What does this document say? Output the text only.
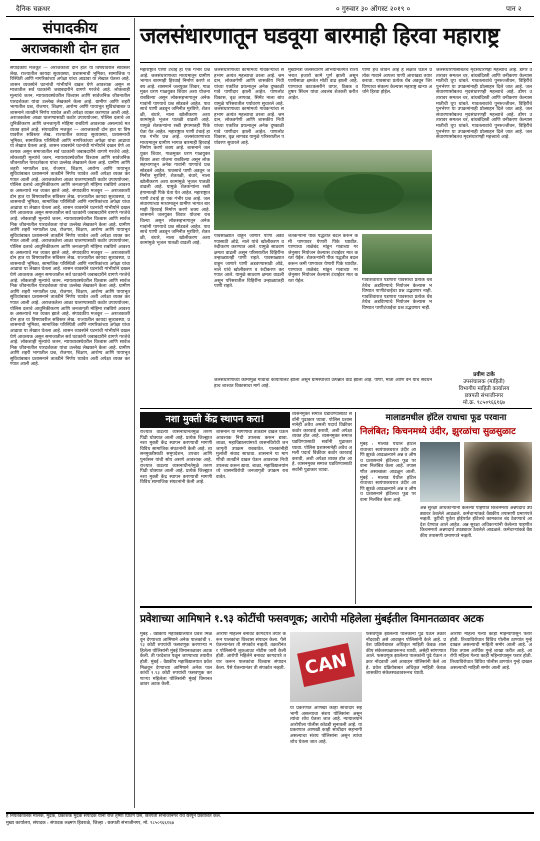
दैनिक चक्रधर	० गुरुवार ३० ऑगस्ट २०१९ ०	पान २
संपादकीय
अराजकाशी दोन हात
संपादकीय मजकूर — अराजकाशी दोन हात या विषयावरील सविस्तर लेख. राज्यातील कायदा सुव्यवस्था, प्रशासनाची भूमिका, सामाजिक परिस्थिती आणि नागरिकांच्या अपेक्षा यांचा आढावा या लेखात घेतला आहे. शासन व्यवस्थेने घटनांची गांभीर्याने दखल घेणे आवश्यक असून समाजातील सर्व घटकांनी जबाबदारीने वागणे गरजेचे आहे. लोकशाही मूल्यांचे जतन, न्यायव्यवस्थेवरील विश्वास आणि सार्वजनिक जीवनातील पारदर्शकता यांचा उल्लेख लेखकाने केला आहे. ग्रामीण आणि शहरी भागातील प्रश्न, रोजगार, शिक्षण, आरोग्य आणि पायाभूत सुविधांबाबत प्रशासनाने तातडीने निर्णय घ्यावेत अशी अपेक्षा व्यक्त करण्यात आली आहे. अराजकतेला आळा घालण्यासाठी कठोर उपाययोजना, पोलिस दलाचे आधुनिकीकरण आणि जनजागृती मोहिमा राबविणे आवश्यक असल्याचे मत व्यक्त झाले आहे. संपादकीय मजकूर — अराजकाशी दोन हात या विषयावरील सविस्तर लेख. राज्यातील कायदा सुव्यवस्था, प्रशासनाची भूमिका, सामाजिक परिस्थिती आणि नागरिकांच्या अपेक्षा यांचा आढावा या लेखात घेतला आहे. शासन व्यवस्थेने घटनांची गांभीर्याने दखल घेणे आवश्यक असून समाजातील सर्व घटकांनी जबाबदारीने वागणे गरजेचे आहे. लोकशाही मूल्यांचे जतन, न्यायव्यवस्थेवरील विश्वास आणि सार्वजनिक जीवनातील पारदर्शकता यांचा उल्लेख लेखकाने केला आहे. ग्रामीण आणि शहरी भागातील प्रश्न, रोजगार, शिक्षण, आरोग्य आणि पायाभूत सुविधांबाबत प्रशासनाने तातडीने निर्णय घ्यावेत अशी अपेक्षा व्यक्त करण्यात आली आहे. अराजकतेला आळा घालण्यासाठी कठोर उपाययोजना, पोलिस दलाचे आधुनिकीकरण आणि जनजागृती मोहिमा राबविणे आवश्यक असल्याचे मत व्यक्त झाले आहे. संपादकीय मजकूर — अराजकाशी दोन हात या विषयावरील सविस्तर लेख. राज्यातील कायदा सुव्यवस्था, प्रशासनाची भूमिका, सामाजिक परिस्थिती आणि नागरिकांच्या अपेक्षा यांचा आढावा या लेखात घेतला आहे. शासन व्यवस्थेने घटनांची गांभीर्याने दखल घेणे आवश्यक असून समाजातील सर्व घटकांनी जबाबदारीने वागणे गरजेचे आहे. लोकशाही मूल्यांचे जतन, न्यायव्यवस्थेवरील विश्वास आणि सार्वजनिक जीवनातील पारदर्शकता यांचा उल्लेख लेखकाने केला आहे. ग्रामीण आणि शहरी भागातील प्रश्न, रोजगार, शिक्षण, आरोग्य आणि पायाभूत सुविधांबाबत प्रशासनाने तातडीने निर्णय घ्यावेत अशी अपेक्षा व्यक्त करण्यात आली आहे. अराजकतेला आळा घालण्यासाठी कठोर उपाययोजना, पोलिस दलाचे आधुनिकीकरण आणि जनजागृती मोहिमा राबविणे आवश्यक असल्याचे मत व्यक्त झाले आहे. संपादकीय मजकूर — अराजकाशी दोन हात या विषयावरील सविस्तर लेख. राज्यातील कायदा सुव्यवस्था, प्रशासनाची भूमिका, सामाजिक परिस्थिती आणि नागरिकांच्या अपेक्षा यांचा आढावा या लेखात घेतला आहे. शासन व्यवस्थेने घटनांची गांभीर्याने दखल घेणे आवश्यक असून समाजातील सर्व घटकांनी जबाबदारीने वागणे गरजेचे आहे. लोकशाही मूल्यांचे जतन, न्यायव्यवस्थेवरील विश्वास आणि सार्वजनिक जीवनातील पारदर्शकता यांचा उल्लेख लेखकाने केला आहे. ग्रामीण आणि शहरी भागातील प्रश्न, रोजगार, शिक्षण, आरोग्य आणि पायाभूत सुविधांबाबत प्रशासनाने तातडीने निर्णय घ्यावेत अशी अपेक्षा व्यक्त करण्यात आली आहे. अराजकतेला आळा घालण्यासाठी कठोर उपाययोजना, पोलिस दलाचे आधुनिकीकरण आणि जनजागृती मोहिमा राबविणे आवश्यक असल्याचे मत व्यक्त झाले आहे. संपादकीय मजकूर — अराजकाशी दोन हात या विषयावरील सविस्तर लेख. राज्यातील कायदा सुव्यवस्था, प्रशासनाची भूमिका, सामाजिक परिस्थिती आणि नागरिकांच्या अपेक्षा यांचा आढावा या लेखात घेतला आहे. शासन व्यवस्थेने घटनांची गांभीर्याने दखल घेणे आवश्यक असून समाजातील सर्व घटकांनी जबाबदारीने वागणे गरजेचे आहे. लोकशाही मूल्यांचे जतन, न्यायव्यवस्थेवरील विश्वास आणि सार्वजनिक जीवनातील पारदर्शकता यांचा उल्लेख लेखकाने केला आहे. ग्रामीण आणि शहरी भागातील प्रश्न, रोजगार, शिक्षण, आरोग्य आणि पायाभूत सुविधांबाबत प्रशासनाने तातडीने निर्णय घ्यावेत अशी अपेक्षा व्यक्त करण्यात आली आहे.
जलसंधारणातून घडवूया बारमाही हिरवा महाराष्ट्र
महाराष्ट्रात पाणी टंचाई हा एक गंभीर प्रश्न आहे. जलसंधारणाच्या माध्यमातून ग्रामीण भागात बारमाही हिरवाई निर्माण करणे शक्य आहे. शासनाने जलयुक्त शिवार, गाळमुक्त धरण गाळयुक्त शिवार अशा योजना राबविल्या असून लोकसहभागातून अनेक गावांनी पाण्याचे प्रश्न सोडवले आहेत. पावसाचे पाणी अडवून जमिनीत मुरविणे, शेततळी, बंधारे, नाला खोलीकरण अशा कामांमुळे भूजल पातळी वाढली आहे. यामुळे शेतकऱ्यांना रब्बी हंगामातही पिके घेता येत आहेत. महाराष्ट्रात पाणी टंचाई हा एक गंभीर प्रश्न आहे. जलसंधारणाच्या माध्यमातून ग्रामीण भागात बारमाही हिरवाई निर्माण करणे शक्य आहे. शासनाने जलयुक्त शिवार, गाळमुक्त धरण गाळयुक्त शिवार अशा योजना राबविल्या असून लोकसहभागातून अनेक गावांनी पाण्याचे प्रश्न सोडवले आहेत. पावसाचे पाणी अडवून जमिनीत मुरविणे, शेततळी, बंधारे, नाला खोलीकरण अशा कामांमुळे भूजल पातळी वाढली आहे. यामुळे शेतकऱ्यांना रब्बी हंगामातही पिके घेता येत आहेत. महाराष्ट्रात पाणी टंचाई हा एक गंभीर प्रश्न आहे. जलसंधारणाच्या माध्यमातून ग्रामीण भागात बारमाही हिरवाई निर्माण करणे शक्य आहे. शासनाने जलयुक्त शिवार योजना राबविल्या असून लोकसहभागातून अनेक गावांनी पाण्याचे प्रश्न सोडवले आहेत. पावसाचे पाणी अडवून जमिनीत मुरविणे, शेततळी, बंधारे, नाला खोलीकरण अशा कामांमुळे भूजल पातळी वाढली आहे.
जलसंधारणाच्या कामांमध्ये गावकऱ्यांचा सहभाग अत्यंत महत्त्वाचा ठरला आहे. श्रमदान, लोकवर्गणी आणि शासकीय निधी यांच्या एकत्रित प्रयत्नातून अनेक दुष्काळी गावे पाणीदार झाली आहेत. पाणलोट विकास, वृक्ष लागवड, सिमेंट नाला बांध यामुळे परिसरातील पर्यावरण सुधारले आहे. जलसंधारणाच्या कामांमध्ये गावकऱ्यांचा सहभाग अत्यंत महत्त्वाचा ठरला आहे. श्रमदान, लोकवर्गणी आणि शासकीय निधी यांच्या एकत्रित प्रयत्नातून अनेक दुष्काळी गावे पाणीदार झाली आहेत. पाणलोट विकास, वृक्ष लागवड यामुळे परिसरातील पर्यावरण सुधारले आहे.
मुख्यमंत्री जलसंधारण अभियानांतर्गत राज्यभरात हजारो कामे पूर्ण झाली असून पाणीसाठा क्षमतेत मोठी वाढ झाली आहे. पाण्याचा काटकसरीने वापर, ठिबक व तुषार सिंचन यांचा अवलंब शेतकरी करीत आहेत.
पाणी हेच जीवन आहे हे लक्षात घेऊन प्रत्येक गावाने आपला पाणी आराखडा तयार करावा. पावसाचा प्रत्येक थेंब अडवून जिरविण्याचा संकल्प केल्यास महाराष्ट्र खऱ्या अर्थाने हिरवा होईल.
जलसंधारणासोबतच मृदसंधारणही महत्त्वाचे आहे. डोंगर उतारावर समतल चर, बांधबंदिस्ती आणि वनीकरण केल्यास मातीची धूप थांबते. गावतलावांचे पुनरुज्जीवन, विहिरींचे पुनर्भरण या उपक्रमांनाही प्रोत्साहन दिले जात आहे. जलसंधारणासोबतच मृदसंधारणही महत्त्वाचे आहे. डोंगर उतारावर समतल चर, बांधबंदिस्ती आणि वनीकरण केल्यास मातीची धूप थांबते. गावतलावांचे पुनरुज्जीवन, विहिरींचे पुनर्भरण या उपक्रमांनाही प्रोत्साहन दिले जात आहे. जलसंधारणासोबतच मृदसंधारणही महत्त्वाचे आहे. डोंगर उतारावर समतल चर, बांधबंदिस्ती आणि वनीकरण केल्यास मातीची धूप थांबते. गावतलावांचे पुनरुज्जीवन, विहिरींचे पुनर्भरण या उपक्रमांनाही प्रोत्साहन दिले जात आहे. जलसंधारणासोबतच मृदसंधारणही महत्त्वाचे आहे.
पावसाळ्यात वाहून जाणारे पाणी अडवण्यासाठी ओढे, नाले यांचे खोलीकरण व रुंदीकरण करण्यात आले. यामुळे साठवण क्षमता वाढली असून परिसरातील विहिरींना उन्हाळ्यातही पाणी राहते. पावसाळ्यात वाहून जाणारे पाणी अडवण्यासाठी ओढे, नाले यांचे खोलीकरण व रुंदीकरण करण्यात आले. यामुळे साठवण क्षमता वाढली असून परिसरातील विहिरींना उन्हाळ्यातही पाणी राहते.
शेतकऱ्यांनी पीक पद्धतीत बदल करून कमी पाण्यावर येणारी पिके घ्यावीत. पाण्याचा ताळेबंद मांडून गावाच्या गरजेनुसार नियोजन केल्यास टंचाईवर मात करता येईल. शेतकऱ्यांनी पीक पद्धतीत बदल करून कमी पाण्यावर येणारी पिके घ्यावीत. पाण्याचा ताळेबंद मांडून गावाच्या गरजेनुसार नियोजन केल्यास टंचाईवर मात करता येईल.	गावशिवारात पडणारा पावसाचा प्रत्येक थेंब तेथेच अडविण्याचे नियोजन केल्यास भविष्यात पाणीटंचाईचा प्रश्न उद्भवणार नाही. गावशिवारात पडणारा पावसाचा प्रत्येक थेंब तेथेच अडविण्याचे नियोजन केल्यास भविष्यात पाणीटंचाईचा प्रश्न उद्भवणार नाही.
प्रवीण टाके
उपसंचालक (माहिती)
विभागीय माहिती कार्यालय
छत्रपती संभाजीनगर
मो.क्र. ९८५०९६६१६७
जलसंधारणाच्या कामांमुळे गावांचा कायापालट झाला असून ग्रामस्थांच्या उत्पन्नात वाढ झाली आहे. पाणी, माती आणि वन यांचे संवर्धन हाच शाश्वत विकासाचा मार्ग आहे.
नशा मुक्ती केंद्र स्थापन करा!
राज्यात वाढत्या व्यसनाधीनतेमुळे तरुण पिढी धोक्यात आली आहे. प्रत्येक जिल्ह्यात नशा मुक्ती केंद्र स्थापन करण्याची मागणी विविध सामाजिक संघटनांनी केली आहे. व्यसनमुक्तीसाठी समुपदेशन, उपचार आणि पुनर्वसन यांची सोय असणे आवश्यक आहे. राज्यात वाढत्या व्यसनाधीनतेमुळे तरुण पिढी धोक्यात आली आहे. प्रत्येक जिल्ह्यात नशा मुक्ती केंद्र स्थापन करण्याची मागणी विविध सामाजिक संघटनांनी केली आहे.
शासनाने या मागणीची तातडीने दखल घेऊन आवश्यक निधी उपलब्ध करून द्यावा. शाळा, महाविद्यालयांमध्ये व्यसनविरोधी जनजागृती उपक्रम राबवावेत. पालकांनीही मुलांशी संवाद साधावा. शासनाने या मागणीची तातडीने दखल घेऊन आवश्यक निधी उपलब्ध करून द्यावा. शाळा, महाविद्यालयांमध्ये व्यसनविरोधी जनजागृती उपक्रम राबवावेत.
व्यसनमुक्त समाज घडविण्यासाठी सर्वांनी पुढाकार घ्यावा. पोलिस प्रशासनानेही अवैध अमली पदार्थ विक्रीवर कठोर कारवाई करावी, अशी अपेक्षा व्यक्त होत आहे. व्यसनमुक्त समाज घडविण्यासाठी सर्वांनी पुढाकार घ्यावा. पोलिस प्रशासनानेही अवैध अमली पदार्थ विक्रीवर कठोर कारवाई करावी, अशी अपेक्षा व्यक्त होत आहे. व्यसनमुक्त समाज घडविण्यासाठी सर्वांनी पुढाकार घ्यावा.
मालाडमधील हॉटेल राधाचा फूड परवाना
निलंबित; किचनमध्ये उंदीर, झुरळांचा सुळसुळाट
मुंबई : मालाड येथील हॉटेल राधाच्या स्वयंपाकघरात उंदीर आणि झुरळे आढळल्याने अन्न व औषध प्रशासनाने हॉटेलचा फूड परवाना निलंबित केला आहे. तपासणीत अस्वच्छता आढळून आली. मुंबई : मालाड येथील हॉटेल राधाच्या स्वयंपाकघरात उंदीर आणि झुरळे आढळल्याने अन्न व औषध प्रशासनाने हॉटेलचा फूड परवाना निलंबित केला आहे.
अन्न सुरक्षा अधिकाऱ्यांनी केलेल्या पाहणीत किचनमध्ये अन्नपदार्थ उघड्यावर ठेवलेले आढळले. कर्मचाऱ्यांकडे वैद्यकीय तपासणी प्रमाणपत्रे नव्हती. त्रुटींची पूर्तता होईपर्यंत हॉटेलचे कामकाज बंद ठेवण्याचे आदेश देण्यात आले आहेत. अन्न सुरक्षा अधिकाऱ्यांनी केलेल्या पाहणीत किचनमध्ये अन्नपदार्थ उघड्यावर ठेवलेले आढळले. कर्मचाऱ्यांकडे वैद्यकीय तपासणी प्रमाणपत्रे नव्हती.
प्रवेशाच्या आमिषाने १.९३ कोटींची फसवणूक; आरोपी महिलेला मुंबईतील विमानतळावर अटक
मुंबई : वैद्यकीय महाविद्यालयात प्रवेश मिळवून देण्याच्या आमिषाने अनेक पालकांची १.९३ कोटी रुपयांची फसवणूक करणाऱ्या महिलेला पोलिसांनी मुंबई विमानतळावर अटक केली. ती परदेशात पळून जाण्याच्या तयारीत होती. मुंबई : वैद्यकीय महाविद्यालयात प्रवेश मिळवून देण्याच्या आमिषाने अनेक पालकांची १.९३ कोटी रुपयांची फसवणूक करणाऱ्या महिलेला पोलिसांनी मुंबई विमानतळावर अटक केली.
आरोपी महिलेने बनावट कागदपत्रे तयार करून पालकांचा विश्वास संपादन केला. पैसे घेतल्यानंतर ती संपर्कात नव्हती. तक्रारीनंतर पोलिसांनी लूकआउट नोटीस जारी केली होती. आरोपी महिलेने बनावट कागदपत्रे तयार करून पालकांचा विश्वास संपादन केला. पैसे घेतल्यानंतर ती संपर्कात नव्हती. CAN
या प्रकरणात आणखी काही साथीदार सहभागी असल्याचा संशय पोलिसांना असून त्यांचा शोध घेतला जात आहे. न्यायालयाने आरोपीला पोलीस कोठडी सुनावली आहे. या प्रकरणात आणखी काही साथीदार सहभागी असल्याचा संशय पोलिसांना असून त्यांचा शोध घेतला जात आहे.
फसवणूक झालेल्या पालकांनी पुढे येऊन तक्रार नोंदवावी असे आवाहन पोलिसांनी केले आहे. प्रवेश प्रक्रियेबाबत अधिकृत माहिती केवळ शासकीय संकेतस्थळावरूनच घ्यावी, असेही सांगण्यात आले. फसवणूक झालेल्या पालकांनी पुढे येऊन तक्रार नोंदवावी असे आवाहन पोलिसांनी केले आहे. प्रवेश प्रक्रियेबाबत अधिकृत माहिती केवळ शासकीय संकेतस्थळावरूनच घ्यावी.
आरोपी महिला गेल्या काही महिन्यांपासून फरार होती. तिच्याविरोधात विविध पोलीस ठाण्यांत गुन्हे दाखल असल्याची माहिती समोर आली आहे. अधिक तपास आर्थिक गुन्हे शाखा करीत आहे. आरोपी महिला गेल्या काही महिन्यांपासून फरार होती. तिच्याविरोधात विविध पोलीस ठाण्यांत गुन्हे दाखल असल्याची माहिती समोर आली आहे.
हे नियतकालिक मालक, मुद्रक, प्रकाशक मुद्रक संपादक यांनी रोज तृष्णा प्रिंटिंग प्रेस, छत्रपती संभाजीनगर येथे छापून प्रकाशित केले.
मुख्य कार्यालय, संपादक : संपादक लक्ष्मण हिवराळे, जिल्हा : छत्रपती संभाजीनगर, मो. ९८५०९६६१६७
